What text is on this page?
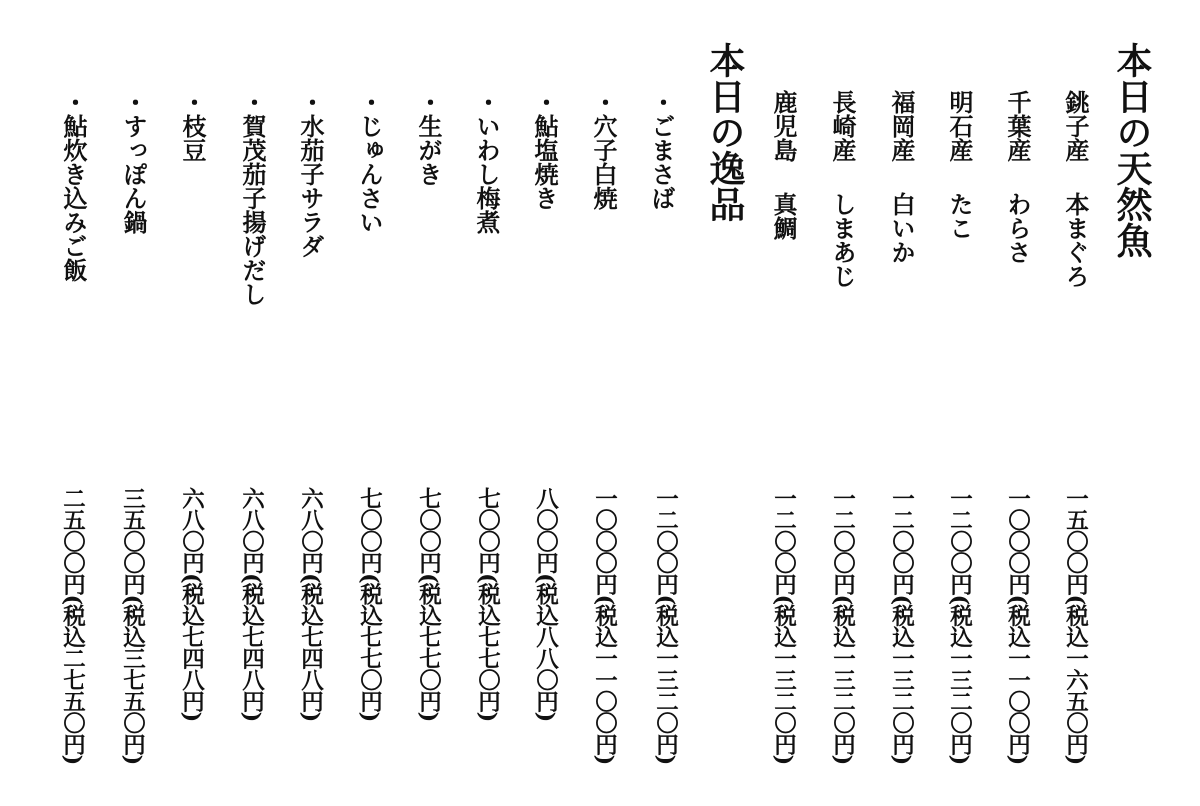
本日の天然魚
銚子産本まぐろ
千葉産わらさ
明石産たこ
福岡産白いか
長崎産しまあじ
鹿児島真鯛
一五〇〇円(税込一六五〇円)
一〇〇〇円(税込一一〇〇円)
一二〇〇円(税込一三二〇円)
一二〇〇円(税込一三二〇円)
一二〇〇円(税込一三二〇円)
一二〇〇円(税込一三二〇円)
本日の逸品
・ごまさば
・穴子白焼
・鮎塩焼き
・いわし梅煮
・生がき
・じゅんさい
・水茄子サラダ
・賀茂茄子揚げだし
・枝豆
・すっぽん鍋
・鮎炊き込みご飯
一二〇〇円(税込一三二〇円)
一〇〇〇円(税込一一〇〇円)
八〇〇円(税込八八〇円)
七〇〇円(税込七七〇円)
七〇〇円(税込七七〇円)
七〇〇円(税込七七〇円)
六八〇円(税込七四八円)
六八〇円(税込七四八円)
六八〇円(税込七四八円)
三五〇〇円(税込三七五〇円)
二五〇〇円(税込二七五〇円)
